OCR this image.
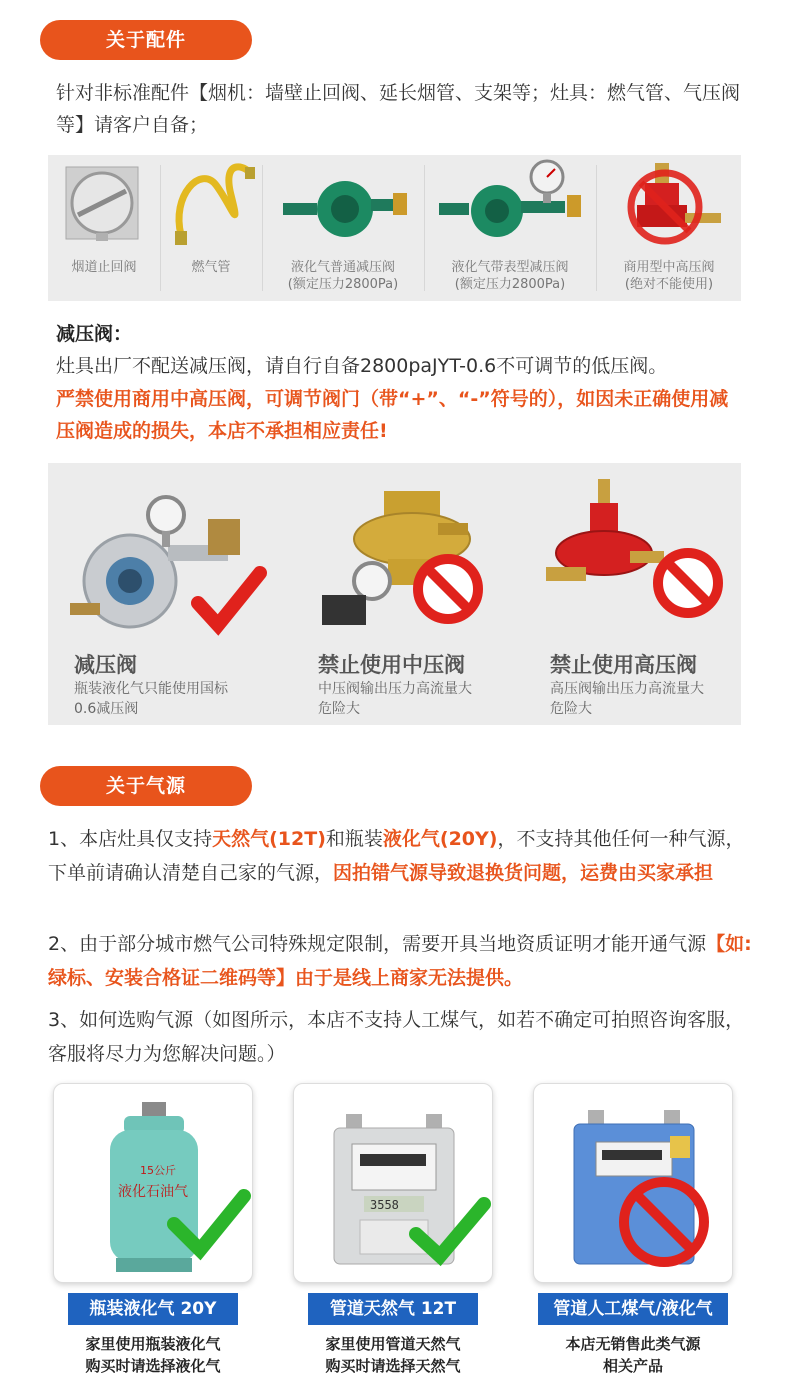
关于配件
针对非标准配件【烟机：墙壁止回阀、延长烟管、支架等；灶具：燃气管、气压阀等】请客户自备；
烟道止回阀	燃气管	液化气普通减压阀
(额定压力2800Pa)
液化气带表型减压阀
(额定压力2800Pa)
商用型中高压阀
(绝对不能使用)
减压阀：
灶具出厂不配送减压阀，请自行自备2800paJYT-0.6不可调节的低压阀。
严禁使用商用中高压阀，可调节阀门（带“+”、“-”符号的），如因未正确使用减压阀造成的损失，本店不承担相应责任!
减压阀
瓶装液化气只能使用国标
0.6减压阀
禁止使用中压阀
中压阀输出压力高流量大
危险大
禁止使用高压阀
高压阀输出压力高流量大
危险大
关于气源
1、本店灶具仅支持天然气(12T)和瓶装液化气(20Y)，不支持其他任何一种气源，下单前请确认清楚自己家的气源，因拍错气源导致退换货问题，运费由买家承担
2、由于部分城市燃气公司特殊规定限制，需要开具当地资质证明才能开通气源【如:绿标、安装合格证二维码等】由于是线上商家无法提供。
3、如何选购气源（如图所示，本店不支持人工煤气，如若不确定可拍照咨询客服，客服将尽力为您解决问题。）
15公斤
液化石油气
瓶装液化气 20Y
家里使用瓶装液化气
购买时请选择液化气
3558
管道天然气 12T
家里使用管道天然气
购买时请选择天然气
管道人工煤气/液化气
本店无销售此类气源
相关产品
